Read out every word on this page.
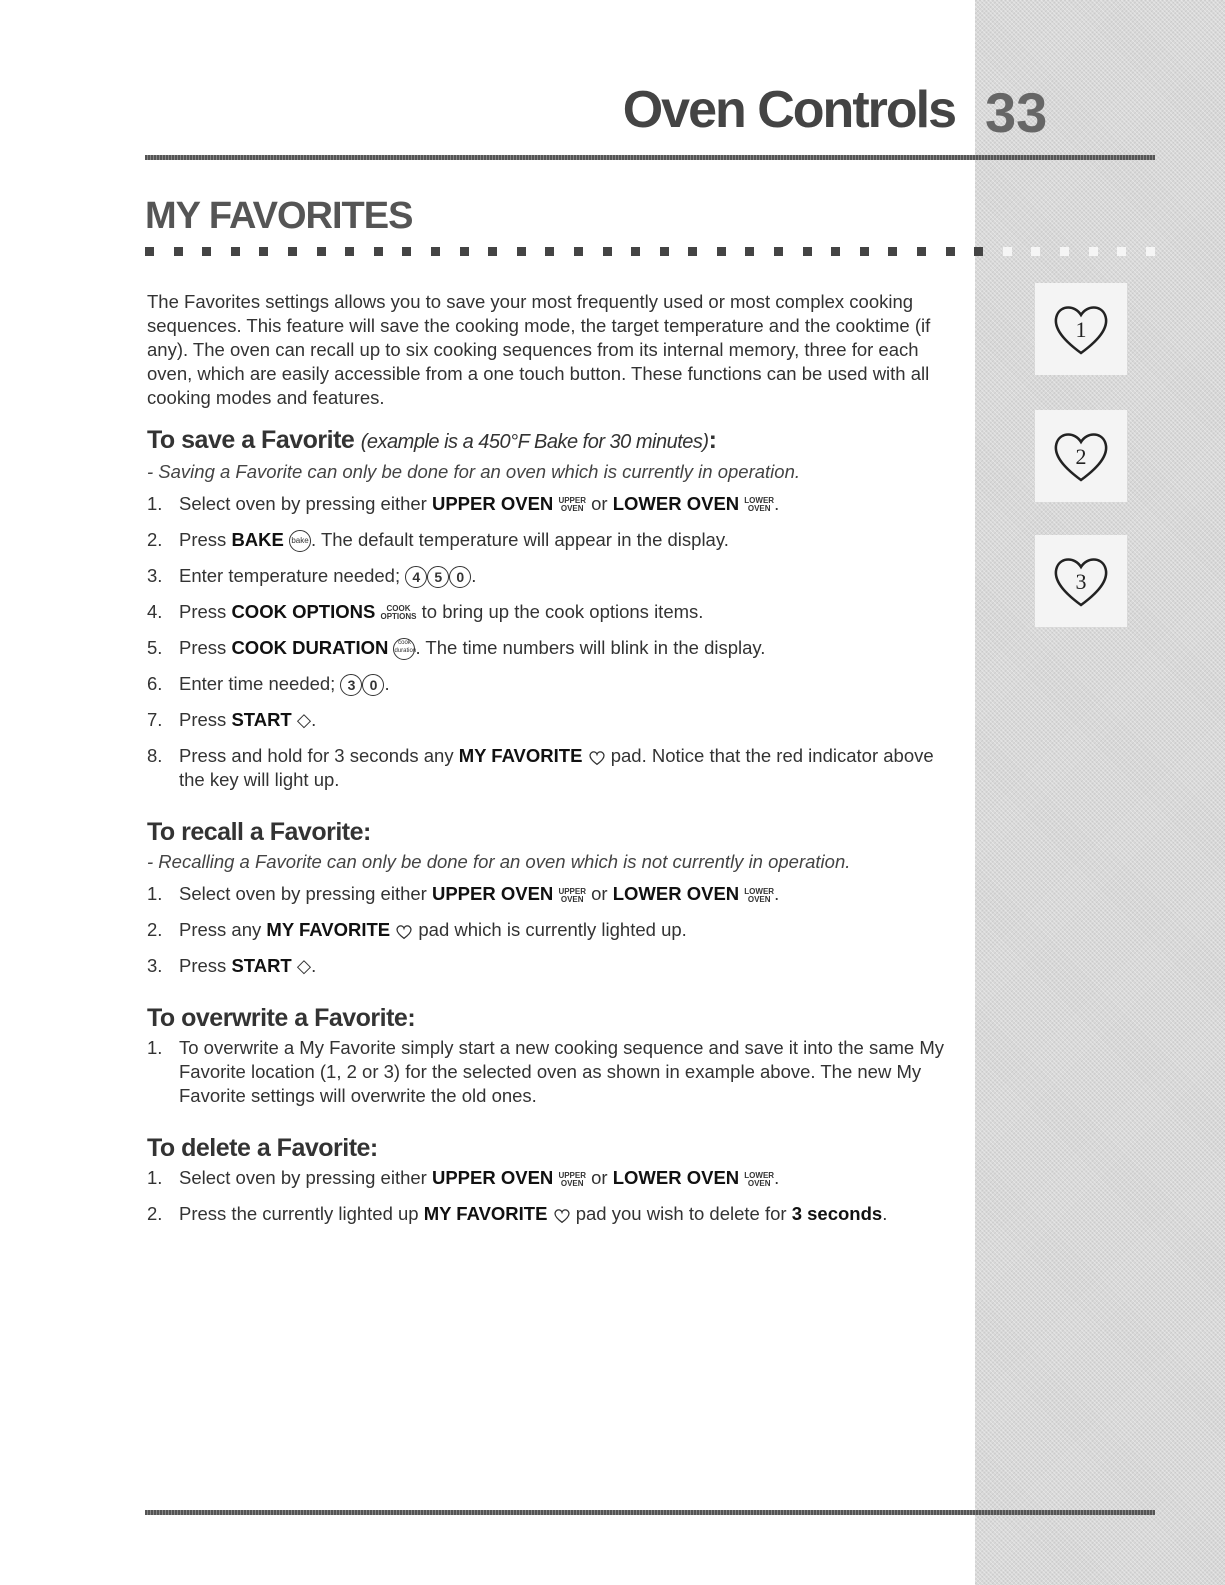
Oven Controls 33
MY FAVORITES
1
2
3

The Favorites settings allows you to save your most frequently used or most complex cooking sequences. This feature will save the cooking mode, the target temperature and the cooktime (if any). The oven can recall up to six cooking sequences from its internal memory, three for each oven, which are easily accessible from a one touch button. These functions can be used with all cooking modes and features.

To save a Favorite (example is a 450°F Bake for 30 minutes):

- Saving a Favorite can only be done for an oven which is currently in operation.

1. Select oven by pressing either UPPER OVEN UPPER
OVEN or LOWER OVEN LOWER
OVEN .
2. Press BAKE bake . The default temperature will appear in the display.
3. Enter temperature needed; 4 5 0 .
4. Press COOK OPTIONS COOK
OPTIONS to bring up the cook options items.
5. Press COOK DURATION cook duration. The time numbers will blink in the display.
6. Enter time needed; 3 0 .
7. Press START ◇.
8. Press and hold for 3 seconds any MY FAVORITE  pad. Notice that the red indicator above
the key will light up.
To recall a Favorite:

- Recalling a Favorite can only be done for an oven which is not currently in operation.

1. Select oven by pressing either UPPER OVEN UPPER
OVEN or LOWER OVEN LOWER
OVEN .
2. Press any MY FAVORITE  pad which is currently lighted up.
3. Press START ◇.
To overwrite a Favorite:
1. To overwrite a My Favorite simply start a new cooking sequence and save it into the same My Favorite location (1, 2 or 3) for the selected oven as shown in example above. The new My Favorite settings will overwrite the old ones.
To delete a Favorite:
1. Select oven by pressing either UPPER OVEN UPPER
OVEN or LOWER OVEN LOWER
OVEN .
2. Press the currently lighted up MY FAVORITE  pad you wish to delete for 3 seconds.
